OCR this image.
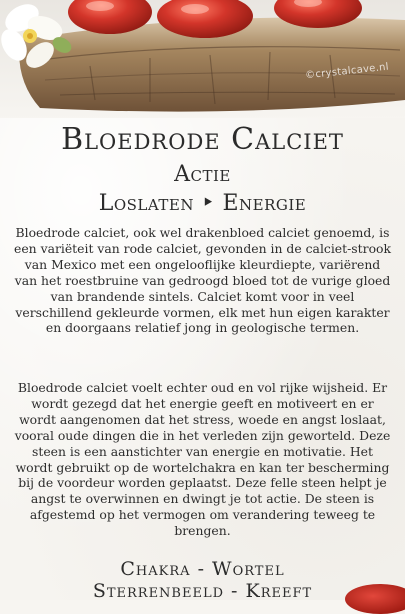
©crystalcave.nl
Bloedrode Calciet
Actie
Loslaten ‣ Energie
Bloedrode calciet, ook wel drakenbloed calciet genoemd, is een variëteit van rode calciet, gevonden in de calciet-strook van Mexico met een ongelooflijke kleurdiepte, variërend van het roestbruine van gedroogd bloed tot de vurige gloed van brandende sintels. Calciet komt voor in veel verschillend gekleurde vormen, elk met hun eigen karakter en doorgaans relatief jong in geologische termen.
Bloedrode calciet voelt echter oud en vol rijke wijsheid. Er wordt gezegd dat het energie geeft en motiveert en er wordt aangenomen dat het stress, woede en angst loslaat, vooral oude dingen die in het verleden zijn geworteld. Deze steen is een aanstichter van energie en motivatie. Het wordt gebruikt op de wortelchakra en kan ter bescherming bij de voordeur worden geplaatst. Deze felle steen helpt je angst te overwinnen en dwingt je tot actie. De steen is afgestemd op het vermogen om verandering teweeg te brengen.
Chakra - Wortel
Sterrenbeeld - Kreeft
